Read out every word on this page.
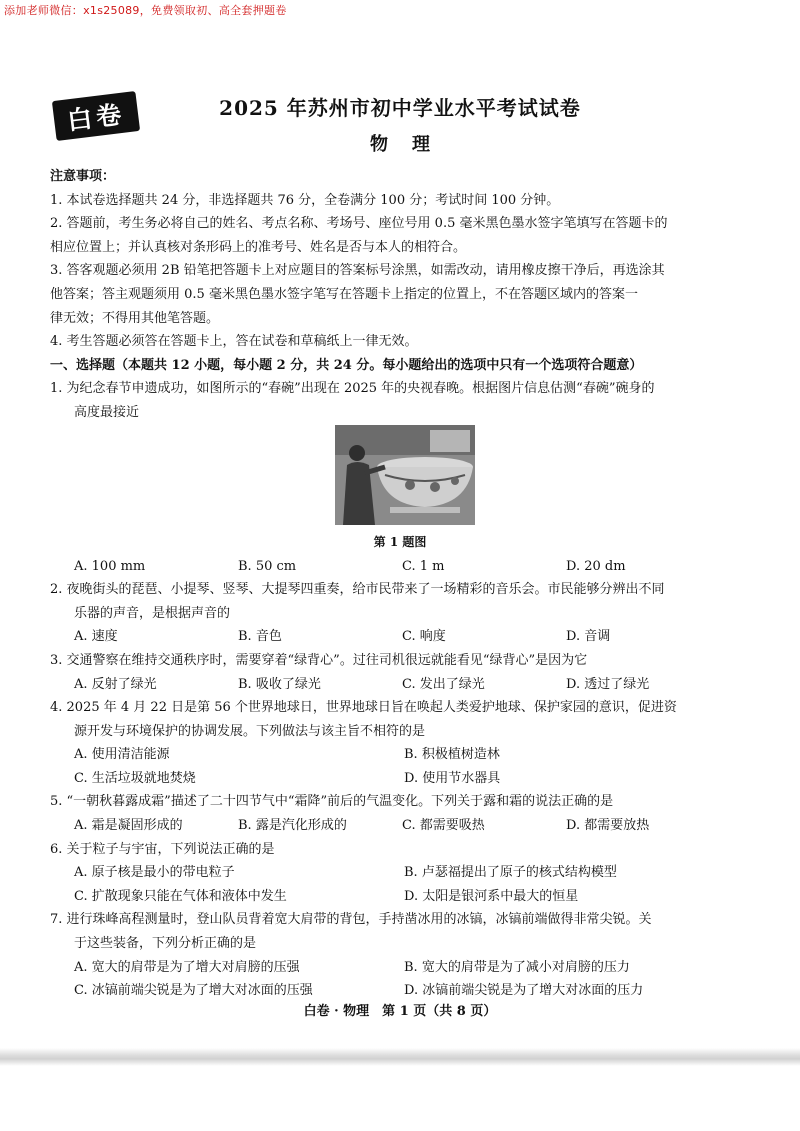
添加老师微信：x1s25089，免费领取初、高全套押题卷
白卷	2025 年苏州市初中学业水平考试试卷
物理
注意事项：
1. 本试卷选择题共 24 分，非选择题共 76 分，全卷满分 100 分；考试时间 100 分钟。
2. 答题前，考生务必将自己的姓名、考点名称、考场号、座位号用 0.5 毫米黑色墨水签字笔填写在答题卡的
相应位置上；并认真核对条形码上的准考号、姓名是否与本人的相符合。
3. 答客观题必须用 2B 铅笔把答题卡上对应题目的答案标号涂黑，如需改动，请用橡皮擦干净后，再选涂其
他答案；答主观题须用 0.5 毫米黑色墨水签字笔写在答题卡上指定的位置上，不在答题区域内的答案一
律无效；不得用其他笔答题。
4. 考生答题必须答在答题卡上，答在试卷和草稿纸上一律无效。
一、选择题（本题共 12 小题，每小题 2 分，共 24 分。每小题给出的选项中只有一个选项符合题意）
1. 为纪念春节申遗成功，如图所示的“春碗”出现在 2025 年的央视春晚。根据图片信息估测“春碗”碗身的
高度最接近
第 1 题图
A. 100 mm	B. 50 cm	C. 1 m	D. 20 dm
2. 夜晚街头的琵琶、小提琴、竖琴、大提琴四重奏，给市民带来了一场精彩的音乐会。市民能够分辨出不同
乐器的声音，是根据声音的
A. 速度	B. 音色	C. 响度	D. 音调
3. 交通警察在维持交通秩序时，需要穿着“绿背心”。过往司机很远就能看见“绿背心”是因为它
A. 反射了绿光	B. 吸收了绿光	C. 发出了绿光	D. 透过了绿光
4. 2025 年 4 月 22 日是第 56 个世界地球日，世界地球日旨在唤起人类爱护地球、保护家园的意识，促进资
源开发与环境保护的协调发展。下列做法与该主旨不相符的是
A. 使用清洁能源	B. 积极植树造林
C. 生活垃圾就地焚烧	D. 使用节水器具
5. “一朝秋暮露成霜”描述了二十四节气中“霜降”前后的气温变化。下列关于露和霜的说法正确的是
A. 霜是凝固形成的	B. 露是汽化形成的	C. 都需要吸热	D. 都需要放热
6. 关于粒子与宇宙，下列说法正确的是
A. 原子核是最小的带电粒子	B. 卢瑟福提出了原子的核式结构模型
C. 扩散现象只能在气体和液体中发生	D. 太阳是银河系中最大的恒星
7. 进行珠峰高程测量时，登山队员背着宽大肩带的背包，手持凿冰用的冰镐，冰镐前端做得非常尖锐。关
于这些装备，下列分析正确的是
A. 宽大的肩带是为了增大对肩膀的压强	B. 宽大的肩带是为了减小对肩膀的压力
C. 冰镐前端尖锐是为了增大对冰面的压强	D. 冰镐前端尖锐是为了增大对冰面的压力
白卷 · 物理　第 1 页（共 8 页）
